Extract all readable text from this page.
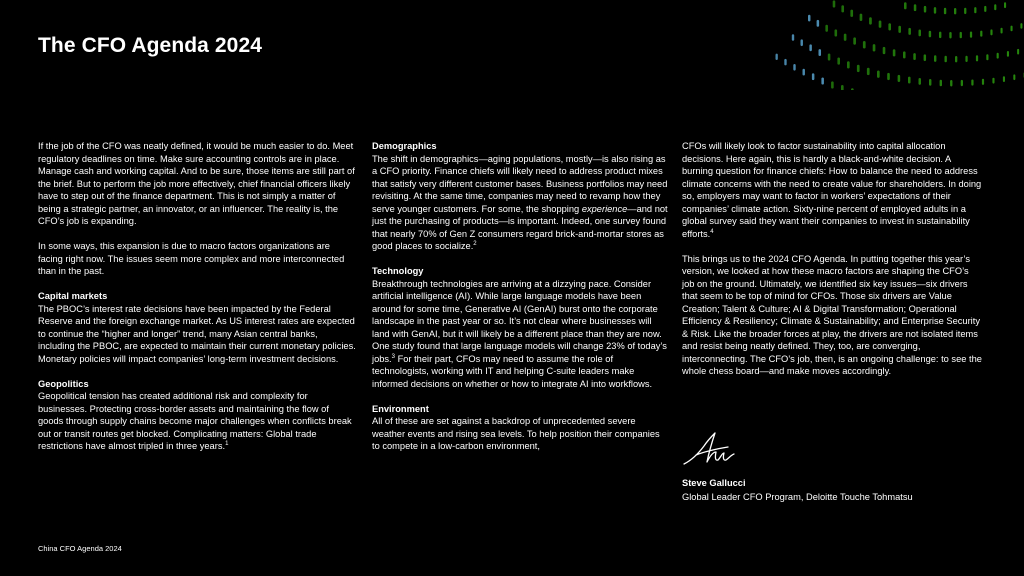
The CFO Agenda 2024

If the job of the CFO was neatly defined, it would be much easier to do. Meet regulatory deadlines on time. Make sure accounting controls are in place. Manage cash and working capital. And to be sure, those items are still part of the brief. But to perform the job more effectively, chief financial officers likely have to step out of the finance department. This is not simply a matter of being a strategic partner, an innovator, or an influencer. The reality is, the CFO’s job is expanding.

In some ways, this expansion is due to macro factors organizations are facing right now. The issues seem more complex and more interconnected than in the past.

Capital markets
The PBOC’s interest rate decisions have been impacted by the Federal Reserve and the foreign exchange market. As US interest rates are expected to continue the “higher and longer” trend, many Asian central banks, including the PBOC, are expected to maintain their current monetary policies. Monetary policies will impact companies’ long-term investment decisions.

Geopolitics
Geopolitical tension has created additional risk and complexity for businesses. Protecting cross-border assets and maintaining the flow of goods through supply chains become major challenges when conflicts break out or transit routes get blocked. Complicating matters: Global trade restrictions have almost tripled in three years.$^1$

Demographics
The shift in demographics—aging populations, mostly—is also rising as a CFO priority. Finance chiefs will likely need to address product mixes that satisfy very different customer bases. Business portfolios may need revisiting. At the same time, companies may need to revamp how they serve younger customers. For some, the shopping experience—and not just the purchasing of products—is important. Indeed, one survey found that nearly 70% of Gen Z consumers regard brick-and-mortar stores as good places to socialize.$^2$

Technology
Breakthrough technologies are arriving at a dizzying pace. Consider artificial intelligence (AI). While large language models have been around for some time, Generative AI (GenAI) burst onto the corporate landscape in the past year or so. It’s not clear where businesses will land with GenAI, but it will likely be a different place than they are now. One study found that large language models will change 23% of today’s jobs.$^3$ For their part, CFOs may need to assume the role of technologists, working with IT and helping C-suite leaders make informed decisions on whether or how to integrate AI into workflows.

Environment
All of these are set against a backdrop of unprecedented severe weather events and rising sea levels. To help position their companies to compete in a low-carbon environment,

CFOs will likely look to factor sustainability into capital allocation decisions. Here again, this is hardly a black-and-white decision. A burning question for finance chiefs: How to balance the need to address climate concerns with the need to create value for shareholders. In doing so, employers may want to factor in workers’ expectations of their companies’ climate action. Sixty-nine percent of employed adults in a global survey said they want their companies to invest in sustainability efforts.$^4$

This brings us to the 2024 CFO Agenda. In putting together this year’s version, we looked at how these macro factors are shaping the CFO’s job on the ground. Ultimately, we identified six key issues—six drivers that seem to be top of mind for CFOs. Those six drivers are Value Creation; Talent & Culture; AI & Digital Transformation; Operational Efficiency & Resiliency; Climate & Sustainability; and Enterprise Security & Risk. Like the broader forces at play, the drivers are not isolated items and resist being neatly defined. They, too, are converging, interconnecting. The CFO’s job, then, is an ongoing challenge: to see the whole chess board—and make moves accordingly.

Steve Gallucci
Global Leader CFO Program, Deloitte Touche Tohmatsu
China CFO Agenda 2024
